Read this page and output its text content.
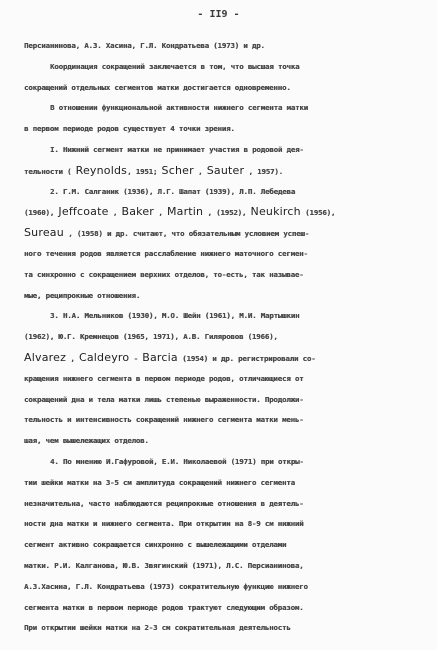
- II9 -
Персианинова, А.З. Хасина, Г.Л. Кондратьева (1973) и др.
Координация сокращений заключается в том, что высшая точка
сокращений отдельных сегментов матки достигается одновременно.
В отношении функциональной активности нижнего сегмента матки
в первом периоде родов существует 4 точки зрения.
I. Нижний сегмент матки не принимает участия в родовой дея-
тельности ( Reynolds, 1951; Scher , Sauter , 1957).
2. Г.М. Салганик (1936), Л.Г. Шапат (1939), Л.П. Лебедева
(1960), Jeffcoate , Baker , Martin , (1952), Neukirch (1956),
Sureau , (1958) и др. считают, что обязательным условием успеш-
ного течения родов является расслабление нижнего маточного сегмен-
та синхронно с сокращением верхних отделов, то-есть, так называе-
мые, реципрокные отношения.
3. Н.А. Мельников (1930), М.О. Шейн (1961), М.И. Мартышкин
(1962), Ю.Г. Кремнецов (1965, 1971), А.В. Гиляровов (1966),
Alvarez , Caldeyro - Barcia (1954) и др. регистрировали со-
кращения нижнего сегмента в первом периоде родов, отличающиеся от
сокращений дна и тела матки лишь степенью выраженности. Продолжи-
тельность и интенсивность сокращений нижнего сегмента матки мень-
шая, чем вышележащих отделов.
4. По мнению И.Гафуровой, Е.И. Николаевой (1971) при откры-
тии шейки матки на 3-5 см амплитуда сокращений нижнего сегмента
незначительна, часто наблюдаются реципрокные отношения в деятель-
ности дна матки и нижнего сегмента. При открытии на 8-9 см нижний
сегмент активно сокращается синхронно с вышележащими отделами
матки. Р.И. Калганова, Ю.В. Звягинский (1971), Л.С. Персианинова,
А.З.Хасина, Г.Л. Кондратьева (1973) сократительную функцию нижнего
сегмента матки в первом периоде родов трактуют следующим образом.
При открытии шейки матки на 2-3 см сократительная деятельность
